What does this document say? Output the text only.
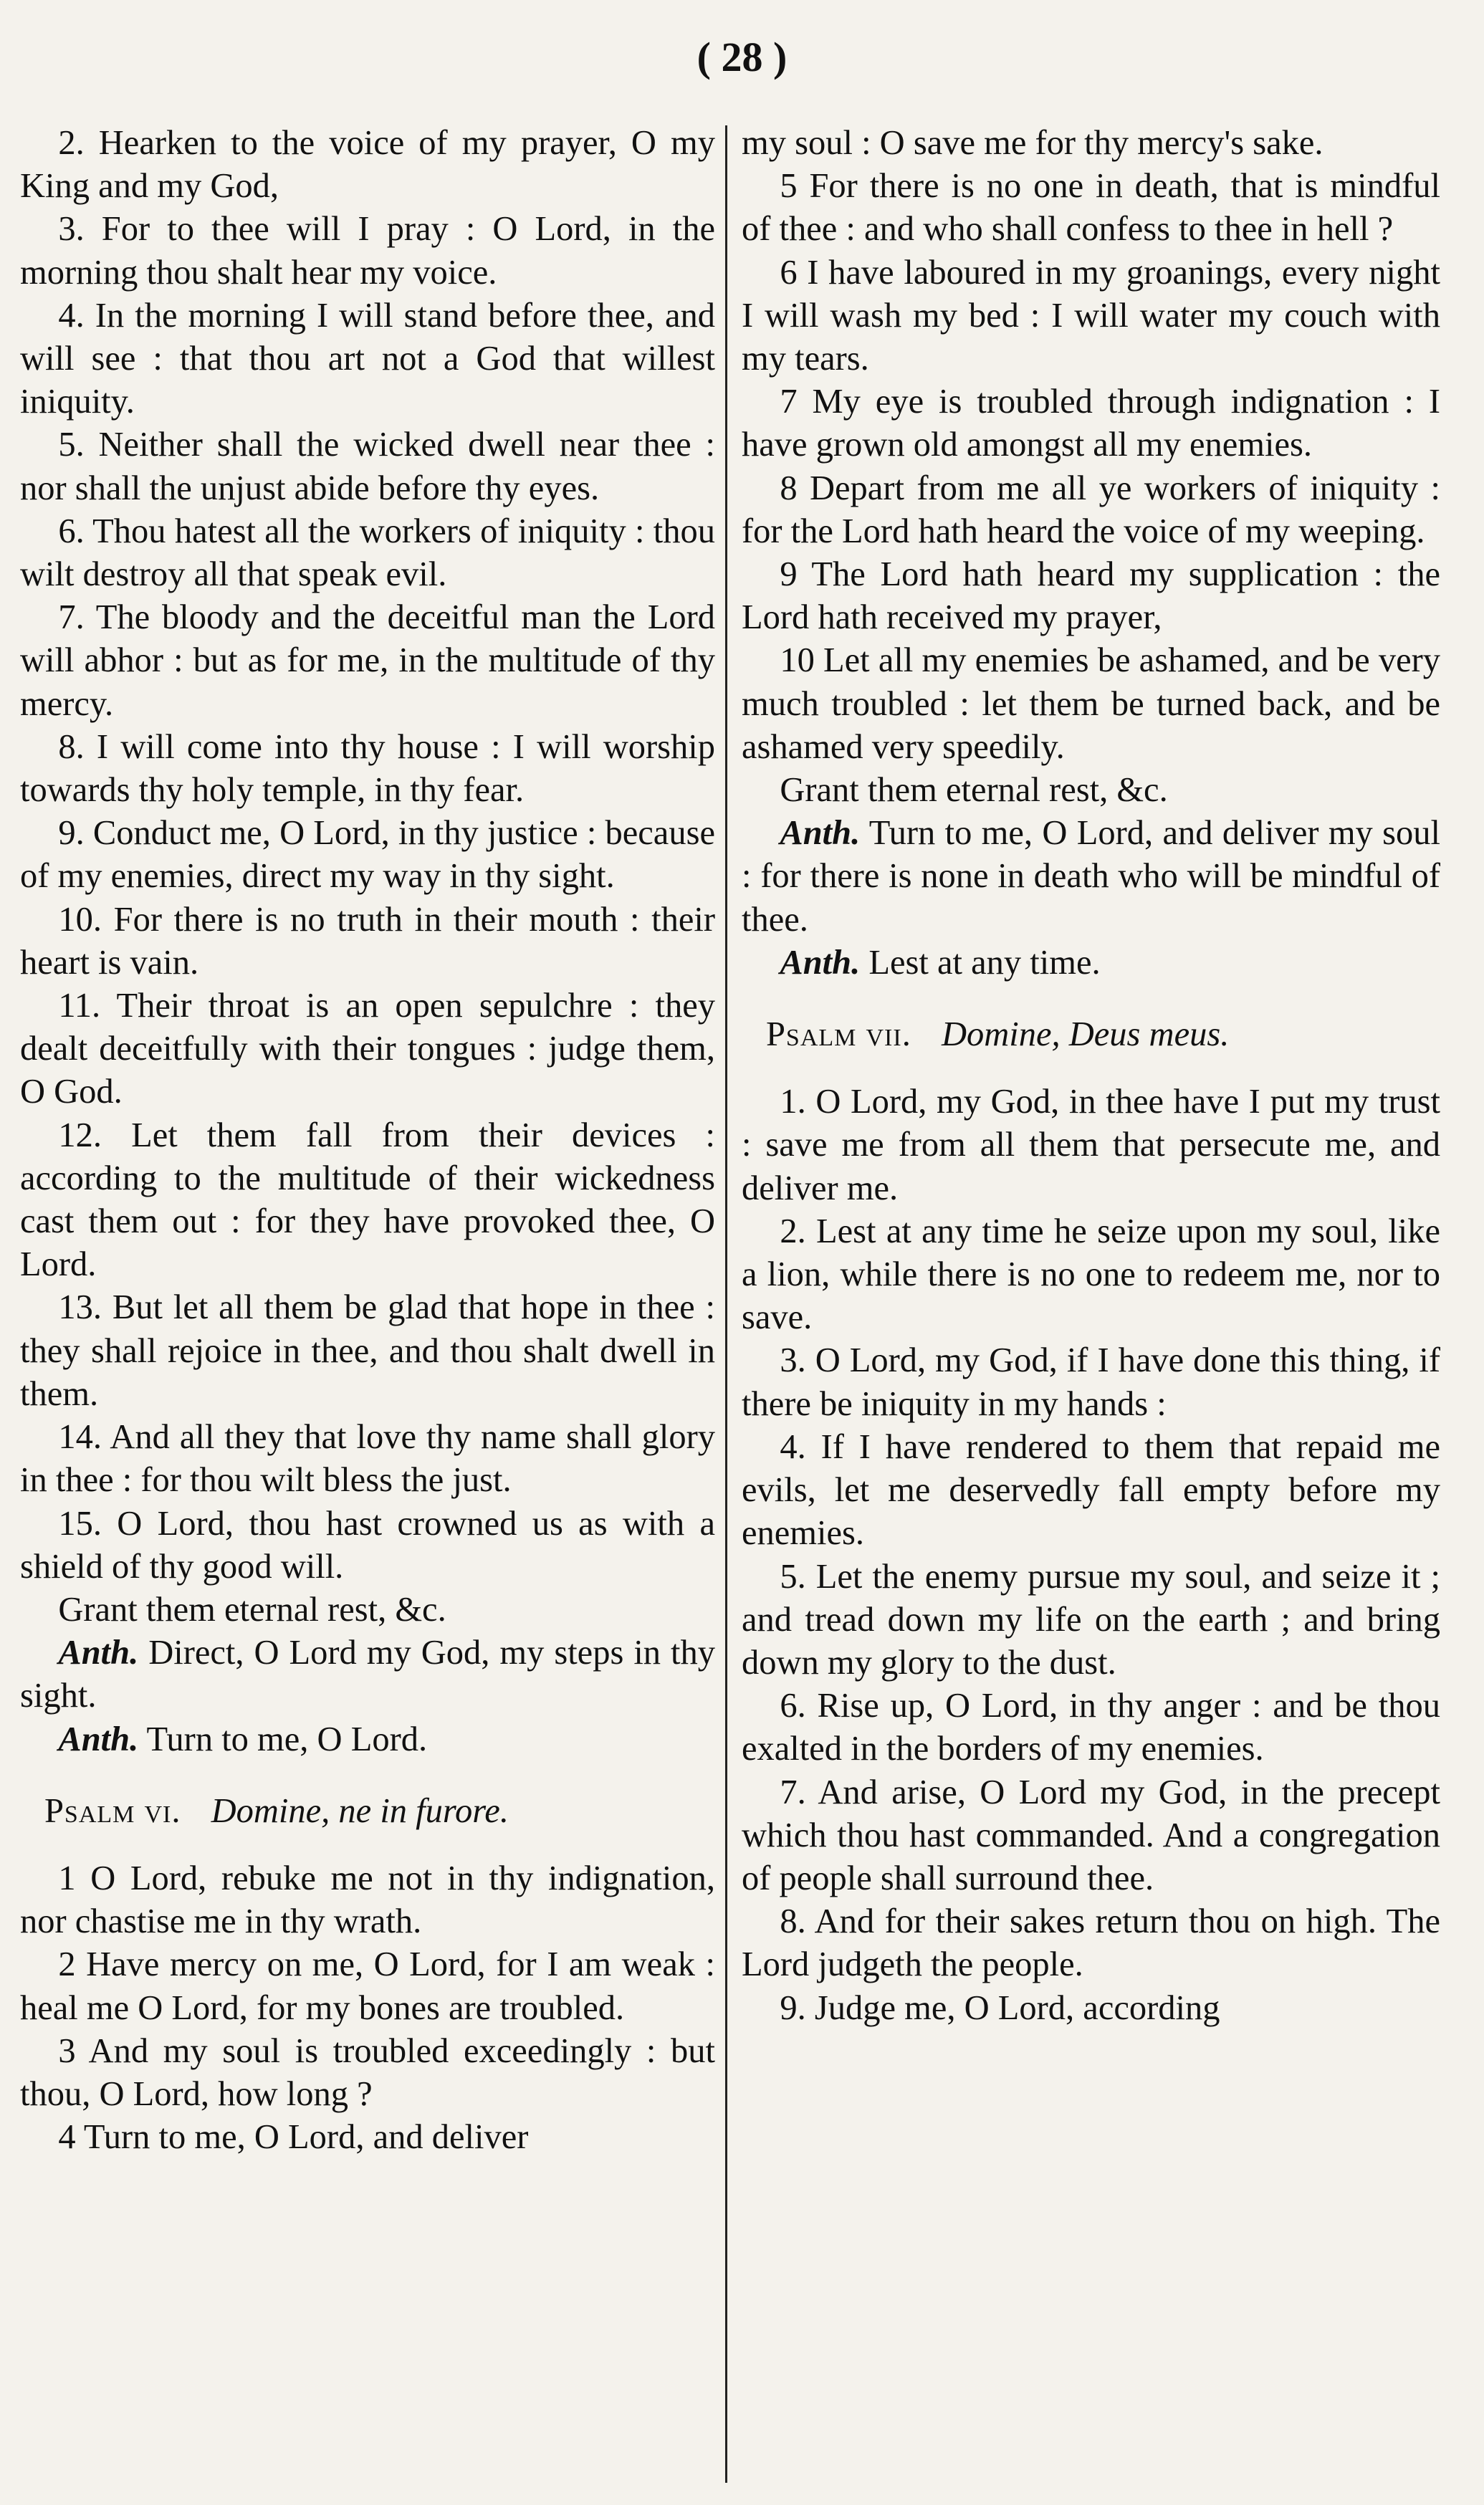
( 28 )

2. Hearken to the voice of my prayer, O my King and my God,

3. For to thee will I pray : O Lord, in the morning thou shalt hear my voice.

4. In the morning I will stand before thee, and will see : that thou art not a God that willest iniquity.

5. Neither shall the wicked dwell near thee : nor shall the unjust abide before thy eyes.

6. Thou hatest all the workers of iniquity : thou wilt destroy all that speak evil.

7. The bloody and the deceitful man the Lord will abhor : but as for me, in the multitude of thy mercy.

8. I will come into thy house : I will worship towards thy holy temple, in thy fear.

9. Conduct me, O Lord, in thy justice : because of my enemies, direct my way in thy sight.

10. For there is no truth in their mouth : their heart is vain.

11. Their throat is an open sepulchre : they dealt deceitfully with their tongues : judge them, O God.

12. Let them fall from their devices : according to the multitude of their wickedness cast them out : for they have provoked thee, O Lord.

13. But let all them be glad that hope in thee : they shall rejoice in thee, and thou shalt dwell in them.

14. And all they that love thy name shall glory in thee : for thou wilt bless the just.

15. O Lord, thou hast crowned us as with a shield of thy good will.

Grant them eternal rest, &c.

Anth. Direct, O Lord my God, my steps in thy sight.

Anth. Turn to me, O Lord.

Psalm vi. Domine, ne in furore.

1 O Lord, rebuke me not in thy indignation, nor chastise me in thy wrath.

2 Have mercy on me, O Lord, for I am weak : heal me O Lord, for my bones are troubled.

3 And my soul is troubled exceedingly : but thou, O Lord, how long ?

4 Turn to me, O Lord, and deliver

my soul : O save me for thy mercy's sake.

5 For there is no one in death, that is mindful of thee : and who shall confess to thee in hell ?

6 I have laboured in my groanings, every night I will wash my bed : I will water my couch with my tears.

7 My eye is troubled through indignation : I have grown old amongst all my enemies.

8 Depart from me all ye workers of iniquity : for the Lord hath heard the voice of my weeping.

9 The Lord hath heard my supplication : the Lord hath received my prayer,

10 Let all my enemies be ashamed, and be very much troubled : let them be turned back, and be ashamed very speedily.

Grant them eternal rest, &c.

Anth. Turn to me, O Lord, and deliver my soul : for there is none in death who will be mindful of thee.

Anth. Lest at any time.

Psalm vii. Domine, Deus meus.

1. O Lord, my God, in thee have I put my trust : save me from all them that persecute me, and deliver me.

2. Lest at any time he seize upon my soul, like a lion, while there is no one to redeem me, nor to save.

3. O Lord, my God, if I have done this thing, if there be iniquity in my hands :

4. If I have rendered to them that repaid me evils, let me deservedly fall empty before my enemies.

5. Let the enemy pursue my soul, and seize it ; and tread down my life on the earth ; and bring down my glory to the dust.

6. Rise up, O Lord, in thy anger : and be thou exalted in the borders of my enemies.

7. And arise, O Lord my God, in the precept which thou hast commanded. And a congregation of people shall surround thee.

8. And for their sakes return thou on high. The Lord judgeth the people.

9. Judge me, O Lord, according
